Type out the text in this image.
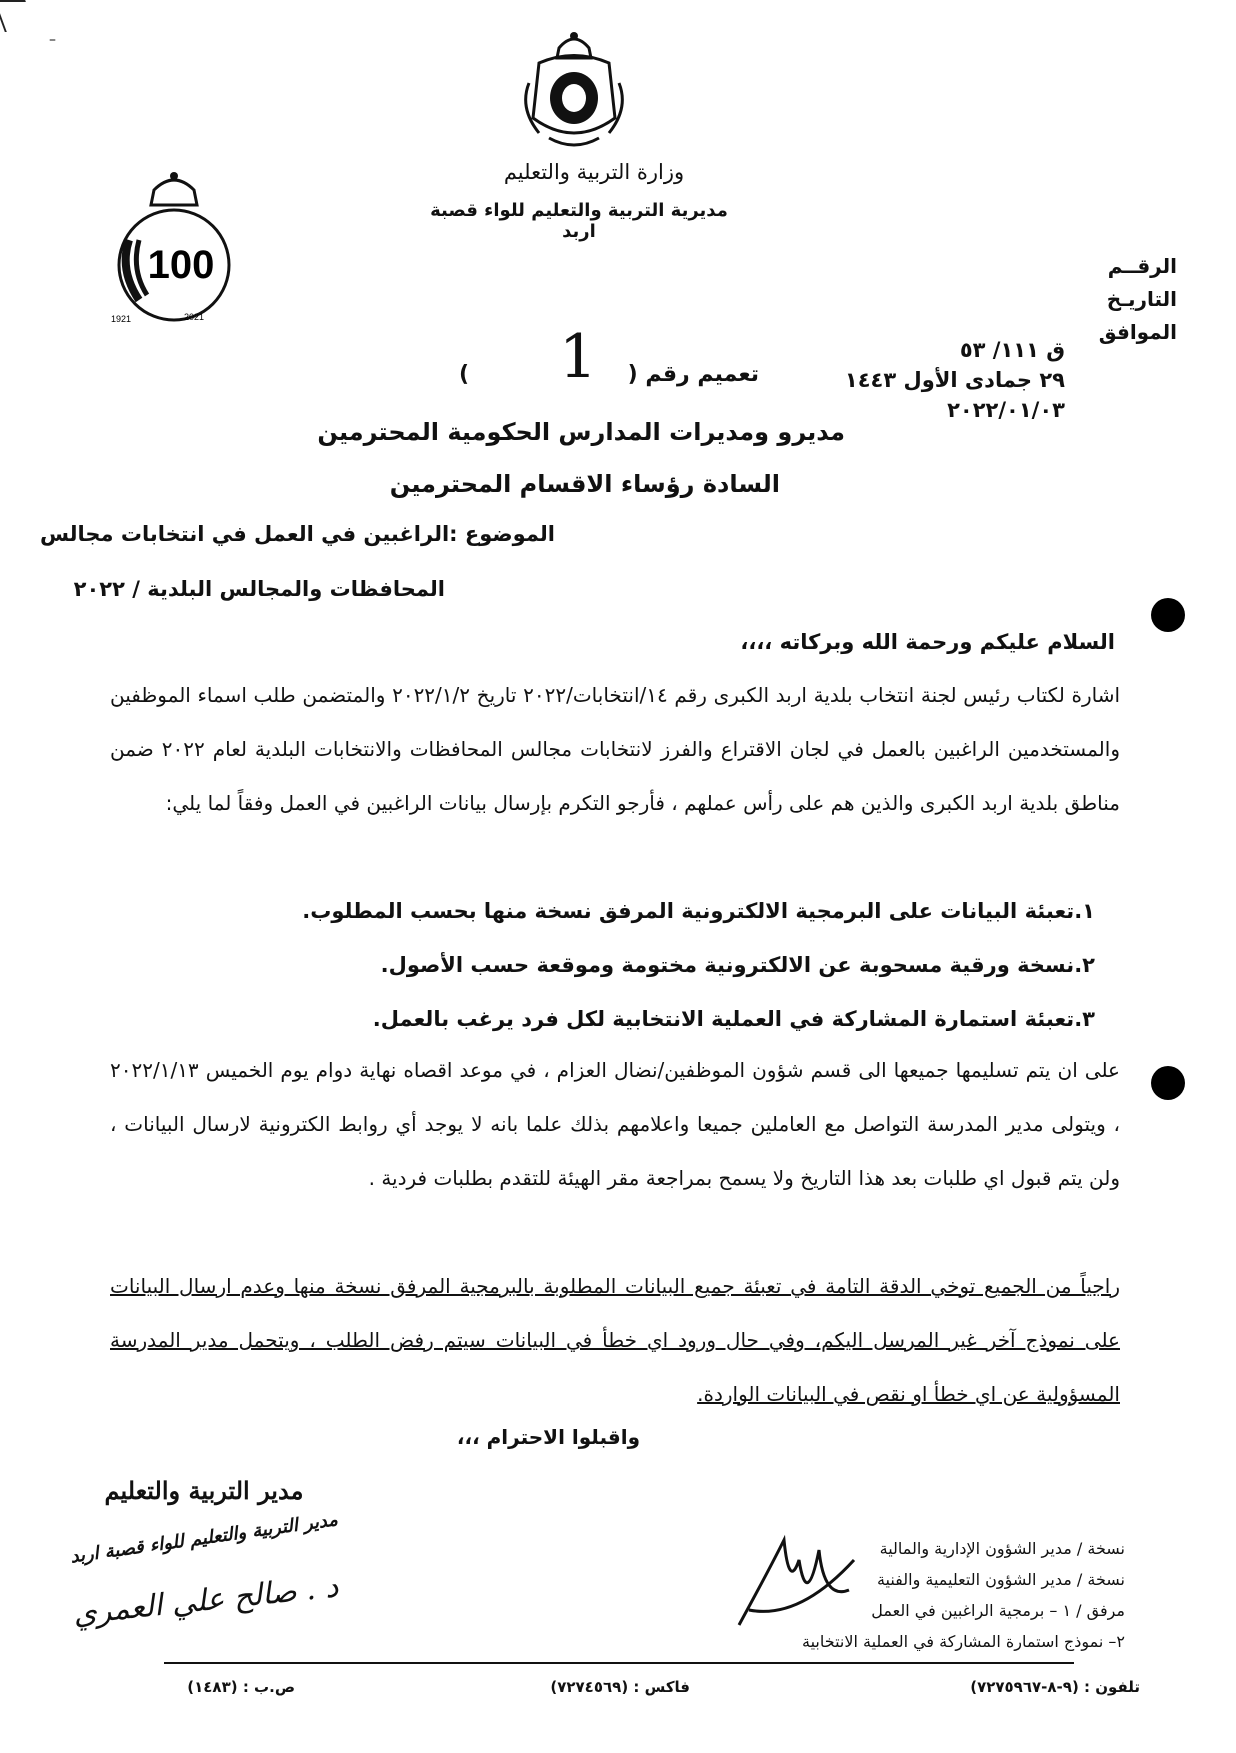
–
وزارة التربية والتعليم
مديرية التربية والتعليم للواء قصبة اربد
100
1921	2021
الرقــم
التاريـخ
الموافق
ق ١١١/ ٥٣
٢٩ جمادى الأول ١٤٤٣
٢٠٢٢/٠١/٠٣
تعميم رقم (
1
)
مديرو ومديرات المدارس الحكومية المحترمين
السادة رؤساء الاقسام المحترمين
الموضوع :الراغبين في العمل في انتخابات مجالس
المحافظات والمجالس البلدية / ٢٠٢٢
السلام عليكم ورحمة الله وبركاته ،،،،
اشارة لكتاب رئيس لجنة انتخاب بلدية اربد الكبرى رقم ١٤/انتخابات/٢٠٢٢ تاريخ ٢٠٢٢/١/٢ والمتضمن طلب اسماء الموظفين والمستخدمين الراغبين بالعمل في لجان الاقتراع والفرز لانتخابات مجالس المحافظات والانتخابات البلدية لعام ٢٠٢٢ ضمن مناطق بلدية اربد الكبرى والذين هم على رأس عملهم ، فأرجو التكرم بإرسال بيانات الراغبين في العمل وفقاً لما يلي:
١.تعبئة البيانات على البرمجية الالكترونية المرفق نسخة منها بحسب المطلوب.
٢.نسخة ورقية مسحوبة عن الالكترونية مختومة وموقعة حسب الأصول.
٣.تعبئة استمارة المشاركة في العملية الانتخابية لكل فرد يرغب بالعمل.
على ان يتم تسليمها جميعها الى قسم شؤون الموظفين/نضال العزام ، في موعد اقصاه نهاية دوام يوم الخميس ٢٠٢٢/١/١٣ ، ويتولى مدير المدرسة التواصل مع العاملين جميعا واعلامهم بذلك علما بانه لا يوجد أي روابط الكترونية لارسال البيانات ، ولن يتم قبول اي طلبات بعد هذا التاريخ ولا يسمح بمراجعة مقر الهيئة للتقدم بطلبات فردية .
راجياً من الجميع توخي الدقة التامة في تعبئة جميع البيانات المطلوبة بالبرمجية المرفق نسخة منها وعدم ارسال البيانات على نموذج آخر غير المرسل اليكم، وفي حال ورود اي خطأ في البيانات سيتم رفض الطلب ، ويتحمل مدير المدرسة المسؤولية عن اي خطأ او نقص في البيانات الواردة.
واقبلوا الاحترام ،،،
مدير التربية والتعليم
مدير التربية والتعليم للواء قصبة اربد
د . صالح علي العمري
نسخة / مدير الشؤون الإدارية والمالية
نسخة / مدير الشؤون التعليمية والفنية
مرفق / ١ – برمجية الراغبين في العمل
٢– نموذج استمارة المشاركة في العملية الانتخابية
تلفون : (٩-٨-٧٢٧٥٩٦٧)
فاكس : (٧٢٧٤٥٦٩)
ص.ب : (١٤٨٣)
